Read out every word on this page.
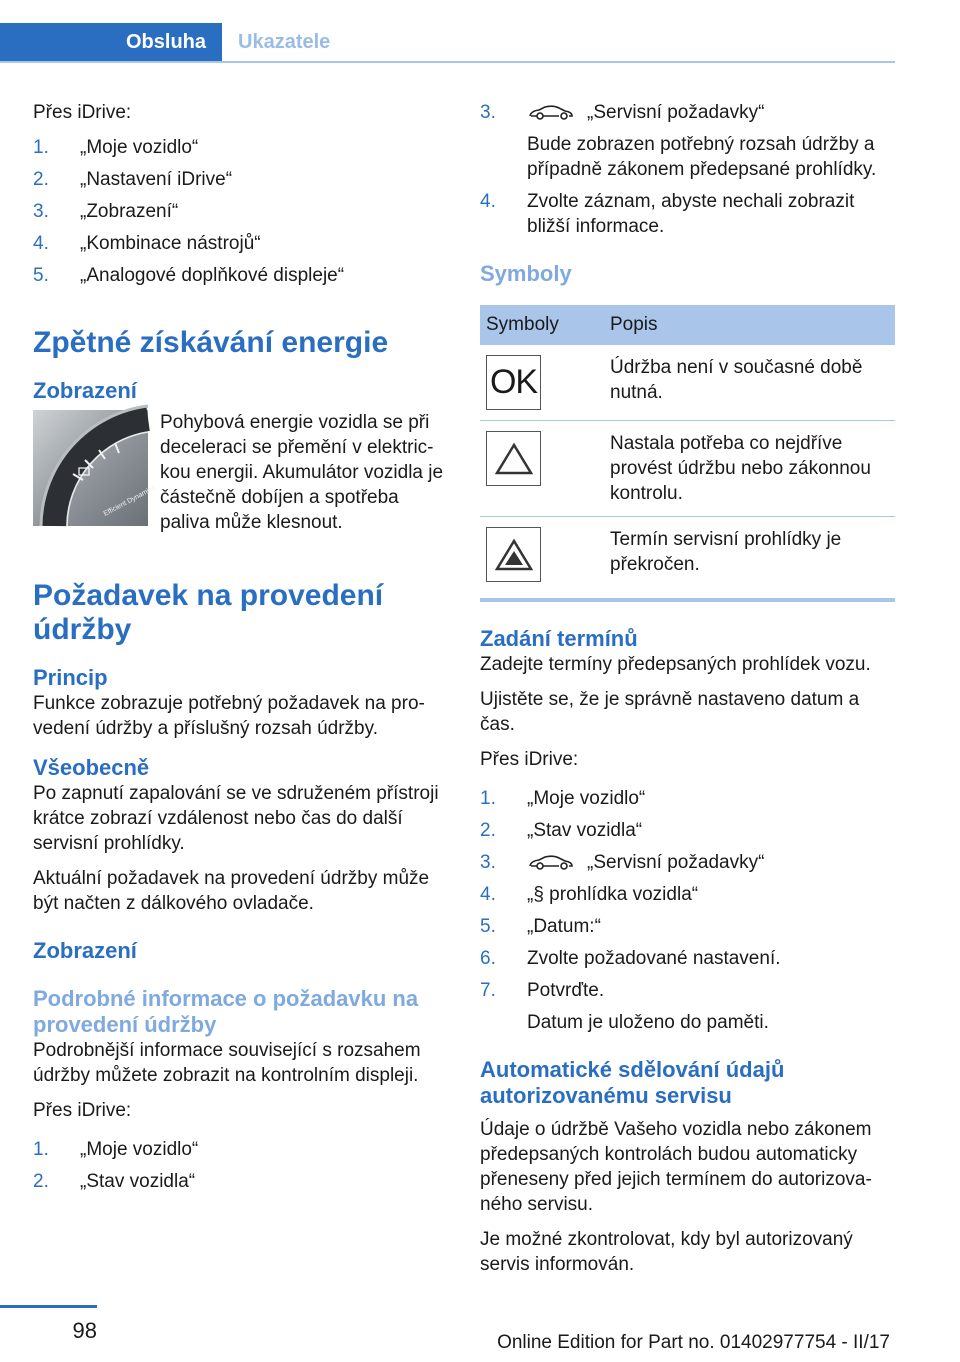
Obsluha	Ukazatele

Přes iDrive:

1. „Moje vozidlo“
2. „Nastavení iDrive“
3. „Zobrazení“
4. „Kombinace nástrojů“
5. „Analogové doplňkové displeje“
Zpětné získávání energie
Zobrazení
Efficient Dynamics

Pohybová energie vozidla se při deceleraci se přemění v elektrickou energii. Akumulátor vozidla je částečně dobíjen a spotřeba paliva může klesnout.

Požadavek na provedení údržby
Princip

Funkce zobrazuje potřebný požadavek na provedení údržby a příslušný rozsah údržby.

Všeobecně

Po zapnutí zapalování se ve sdruženém přístroji krátce zobrazí vzdálenost nebo čas do další servisní prohlídky.

Aktuální požadavek na provedení údržby může být načten z dálkového ovladače.

Zobrazení
Podrobné informace o požadavku na provedení údržby

Podrobnější informace související s rozsahem údržby můžete zobrazit na kontrolním displeji.

Přes iDrive:

1. „Moje vozidlo“
2. „Stav vozidla“
3.	„Servisní požadavky“
Bude zobrazen potřebný rozsah údržby a případně zákonem předepsané prohlídky.
4. Zvolte záznam, abyste nechali zobrazit bližší informace.
Symboly
Symboly	Popis

OK	Údržba není v současné době nutná.

	Nastala potřeba co nejdříve provést údržbu nebo zákonnou kontrolu.

	Termín servisní prohlídky je překročen.
Zadání termínů

Zadejte termíny předepsaných prohlídek vozu.

Ujistěte se, že je správně nastaveno datum a čas.

Přes iDrive:

1. „Moje vozidlo“
2. „Stav vozidla“
3.	„Servisní požadavky“
4. „§ prohlídka vozidla“
5. „Datum:“
6. Zvolte požadované nastavení.
7. Potvrďte.
Datum je uloženo do paměti.
Automatické sdělování údajů autorizovanému servisu

Údaje o údržbě Vašeho vozidla nebo zákonem předepsaných kontrolách budou automaticky přeneseny před jejich termínem do autorizovaného servisu.

Je možné zkontrolovat, kdy byl autorizovaný servis informován.

98	Online Edition for Part no. 01402977754 - II/17
